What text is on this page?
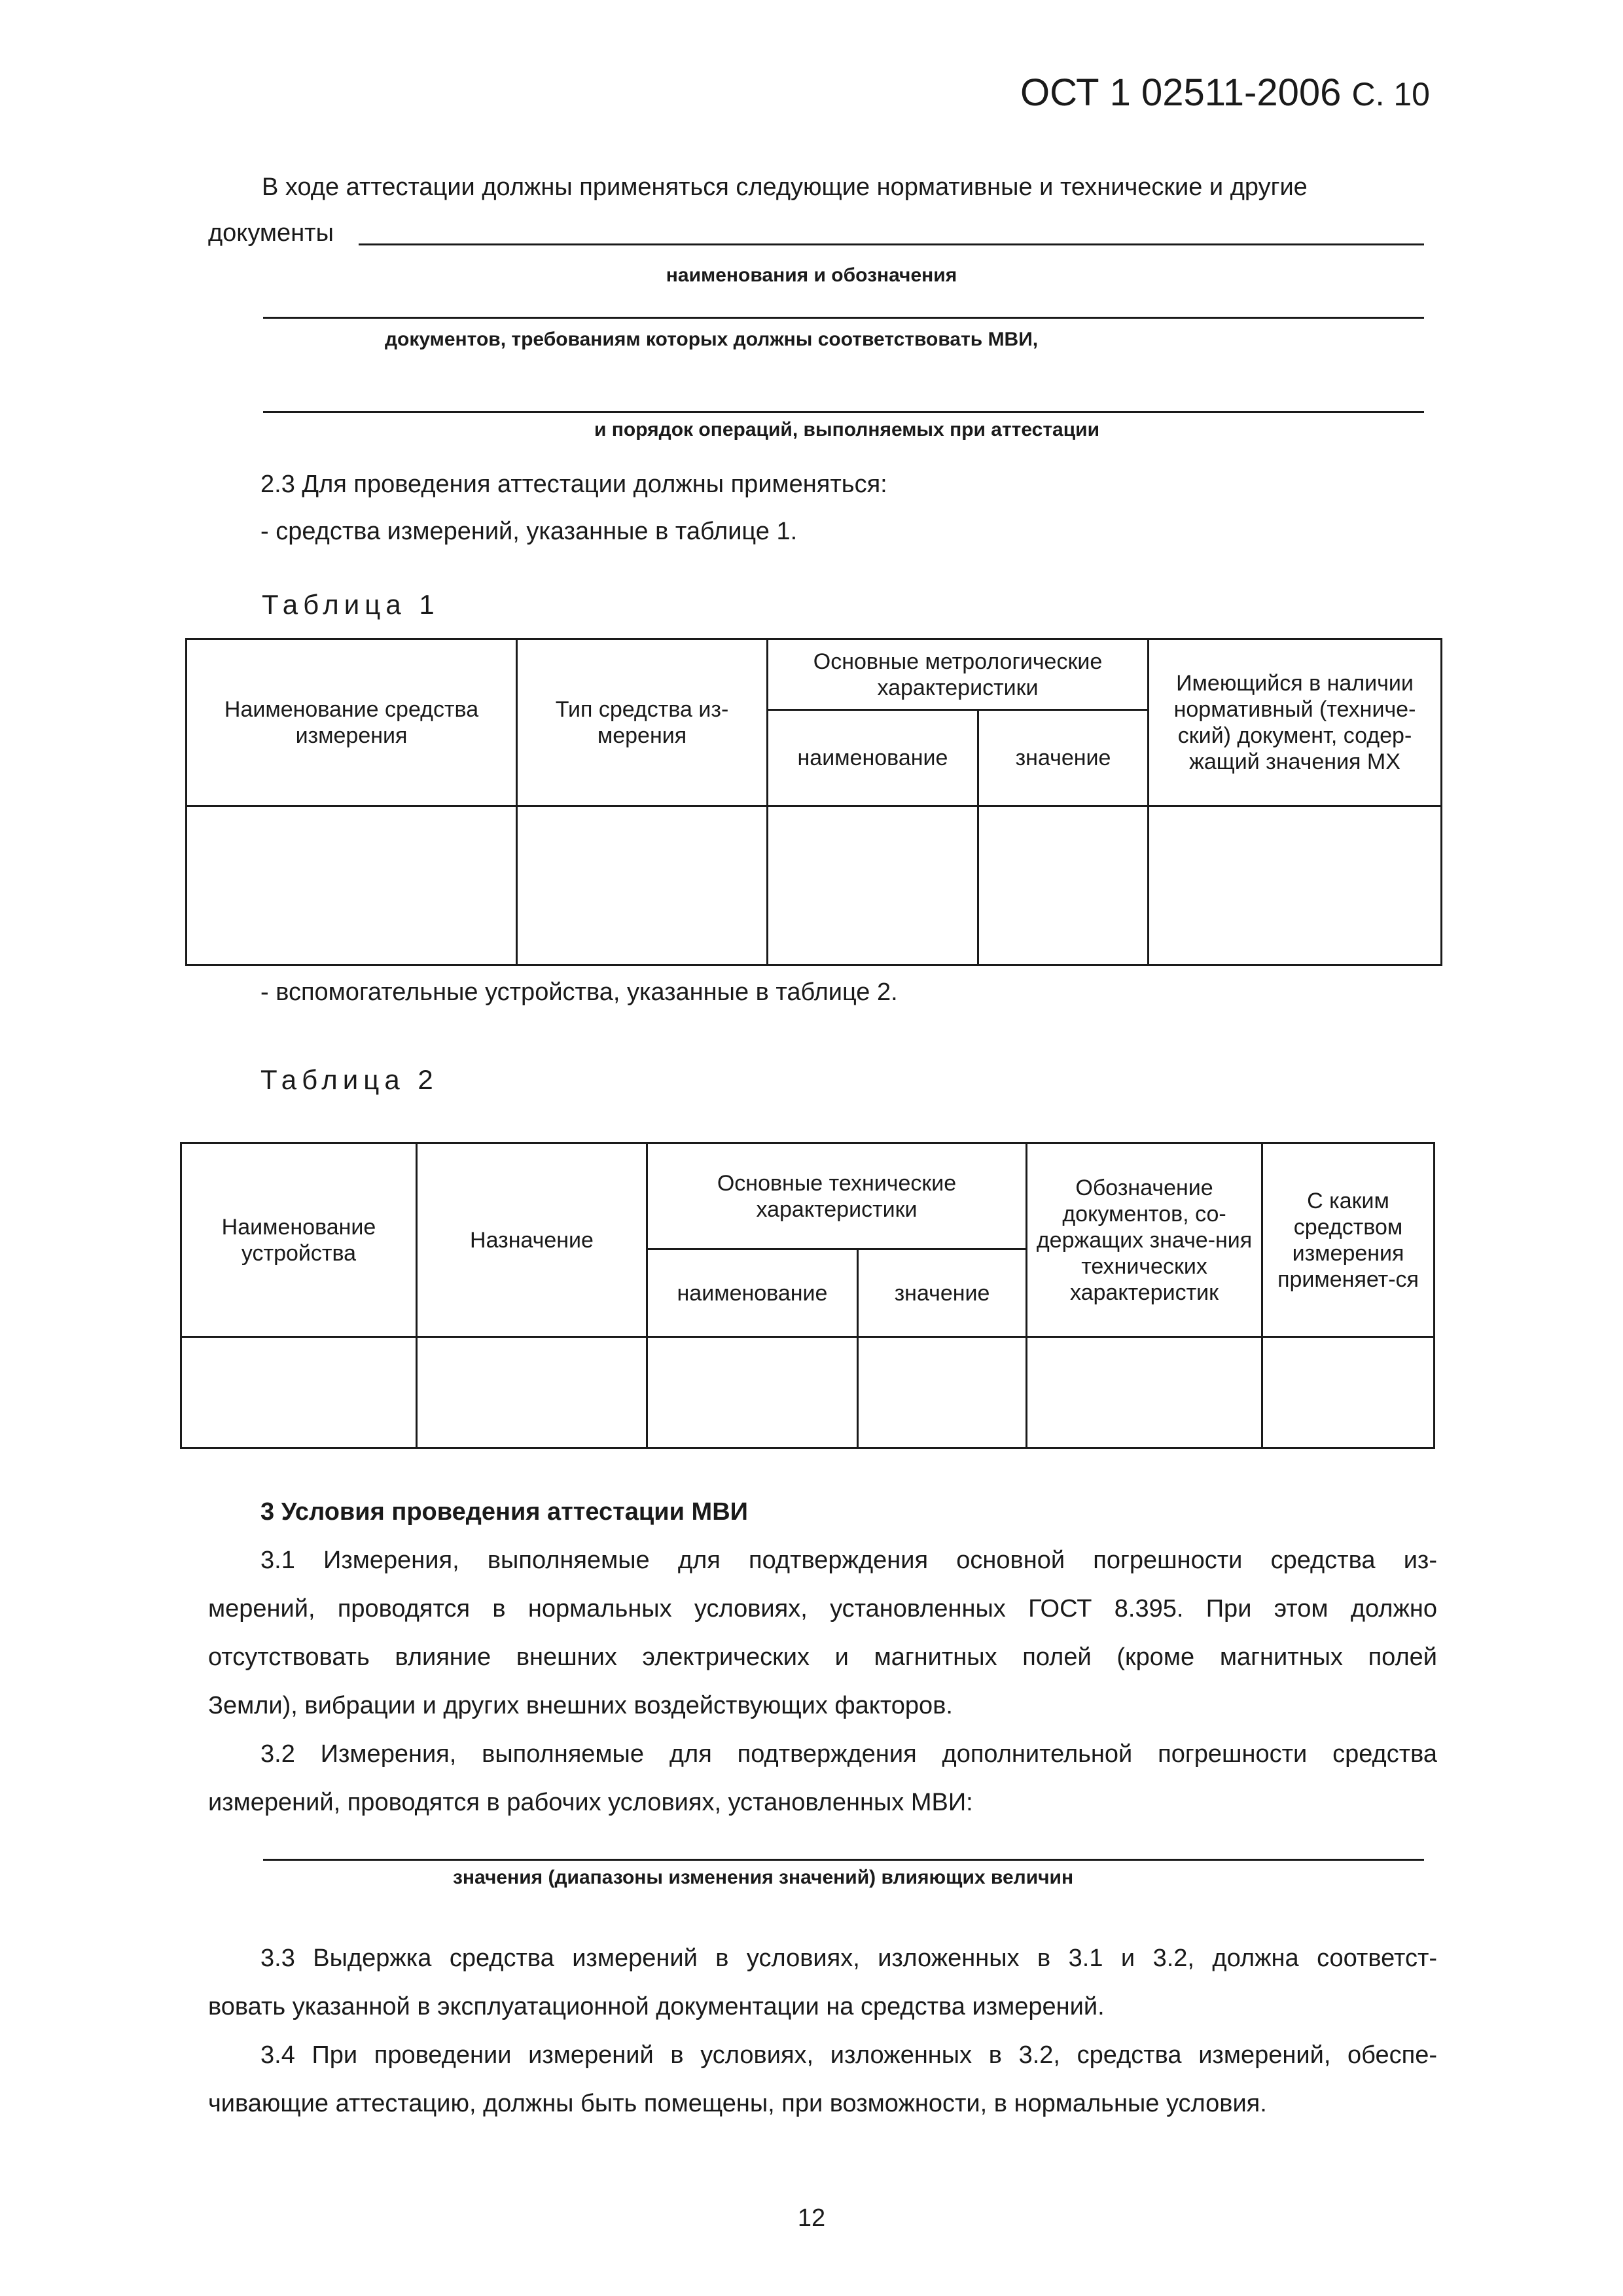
ОСТ 1 02511-2006 С. 10
В ходе аттестации должны применяться следующие нормативные и технические и другие
документы
наименования и обозначения
документов, требованиям которых должны соответствовать МВИ,
и порядок операций, выполняемых при аттестации
2.3 Для проведения аттестации должны применяться:
- средства измерений, указанные в таблице 1.
Таблица 1
Наименование средства измерения	Тип средства из-мерения	Основные метрологические характеристики		Имеющийся в наличии нормативный (техниче-ский) документ, содер-жащий значения МХ
		наименование	значение	

- вспомогательные устройства, указанные в таблице 2.
Таблица 2
Наименование устройства	Назначение	Основные технические характеристики		Обозначение документов, со-держащих значе-ния технических характеристик	С каким средством измерения применяет-ся
		наименование	значение		

3 Условия проведения аттестации МВИ
3.1 Измерения, выполняемые для подтверждения основной погрешности средства из-
мерений, проводятся в нормальных условиях, установленных ГОСТ 8.395. При этом должно
отсутствовать влияние внешних электрических и магнитных полей (кроме магнитных полей
Земли), вибрации и других внешних воздействующих факторов.
3.2 Измерения, выполняемые для подтверждения дополнительной погрешности средства
измерений, проводятся в рабочих условиях, установленных МВИ:
значения (диапазоны изменения значений) влияющих величин
3.3 Выдержка средства измерений в условиях, изложенных в 3.1 и 3.2, должна соответст-
вовать указанной в эксплуатационной документации на средства измерений.
3.4 При проведении измерений в условиях, изложенных в 3.2, средства измерений, обеспе-
чивающие аттестацию, должны быть помещены, при возможности, в нормальные условия.
12
